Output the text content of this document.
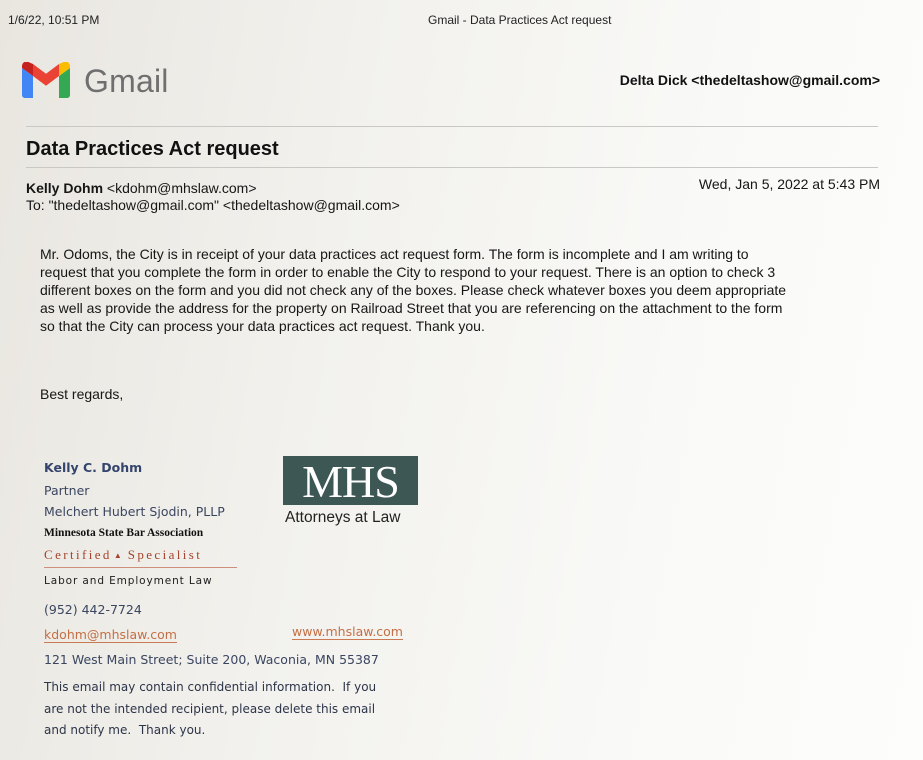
1/6/22, 10:51 PM	Gmail - Data Practices Act request
Gmail	Delta Dick <thedeltashow@gmail.com>
Data Practices Act request
Kelly Dohm <kdohm@mhslaw.com>	Wed, Jan 5, 2022 at 5:43 PM
To: "thedeltashow@gmail.com" <thedeltashow@gmail.com>
Mr. Odoms, the City is in receipt of your data practices act request form. The form is incomplete and I am writing to
request that you complete the form in order to enable the City to respond to your request. There is an option to check 3
different boxes on the form and you did not check any of the boxes. Please check whatever boxes you deem appropriate
as well as provide the address for the property on Railroad Street that you are referencing on the attachment to the form
so that the City can process your data practices act request. Thank you.
Best regards,
Kelly C. Dohm
Partner
Melchert Hubert Sjodin, PLLP
Minnesota State Bar Association
Certified ▲ Specialist
Labor and Employment Law
(952) 442-7724
kdohm@mhslaw.com	www.mhslaw.com
121 West Main Street; Suite 200, Waconia, MN 55387
This email may contain confidential information.  If you
are not the intended recipient, please delete this email
and notify me.  Thank you.
MHS
Attorneys at Law
